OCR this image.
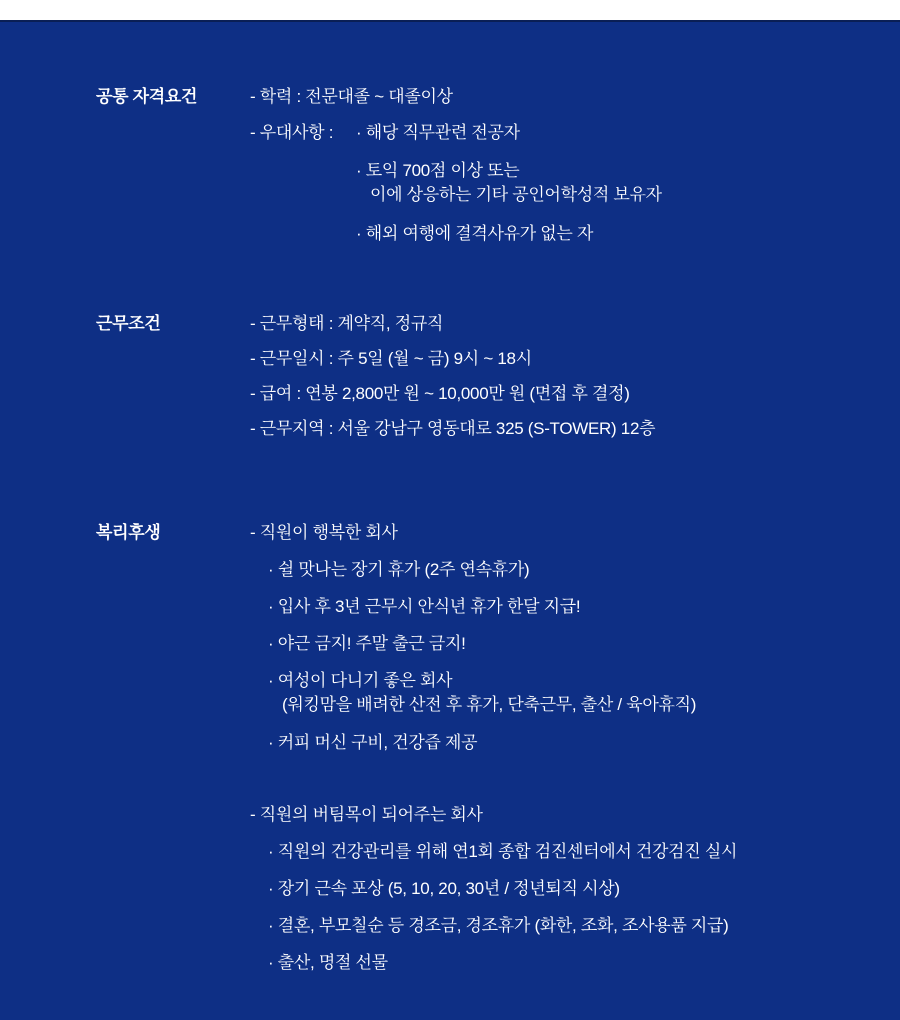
공통 자격요건	- 학력 : 전문대졸 ~ 대졸이상
- 우대사항 : · 해당 직무관련 전공자
· 토익 700점 이상 또는
이에 상응하는 기타 공인어학성적 보유자
· 해외 여행에 결격사유가 없는 자
근무조건	- 근무형태 : 계약직, 정규직
- 근무일시 : 주 5일 (월 ~ 금) 9시 ~ 18시
- 급여 : 연봉 2,800만 원 ~ 10,000만 원 (면접 후 결정)
- 근무지역 : 서울 강남구 영동대로 325 (S-TOWER) 12층
복리후생	- 직원이 행복한 회사
· 쉴 맛나는 장기 휴가 (2주 연속휴가)
· 입사 후 3년 근무시 안식년 휴가 한달 지급!
· 야근 금지! 주말 출근 금지!
· 여성이 다니기 좋은 회사
(워킹맘을 배려한 산전 후 휴가, 단축근무, 출산 / 육아휴직)
· 커피 머신 구비, 건강즙 제공
- 직원의 버팀목이 되어주는 회사
· 직원의 건강관리를 위해 연1회 종합 검진센터에서 건강검진 실시
· 장기 근속 포상 (5, 10, 20, 30년 / 정년퇴직 시상)
· 결혼, 부모칠순 등 경조금, 경조휴가 (화한, 조화, 조사용품 지급)
· 출산, 명절 선물
